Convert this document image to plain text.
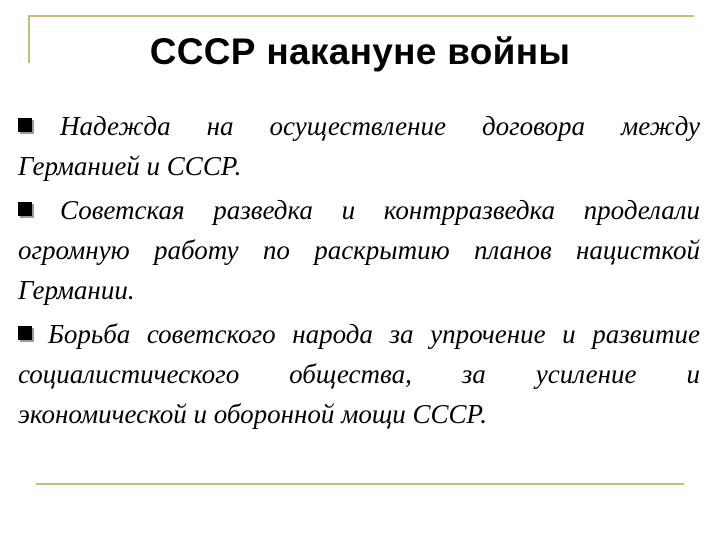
СССР накануне войны
Надежда на осуществление договора между Германией и СССР.
Советская разведка и контрразведка проделали огромную работу по раскрытию планов нацисткой Германии.
Борьба советского народа за упрочение и развитие социалистического общества, за усиление и экономической и оборонной мощи СССР.
